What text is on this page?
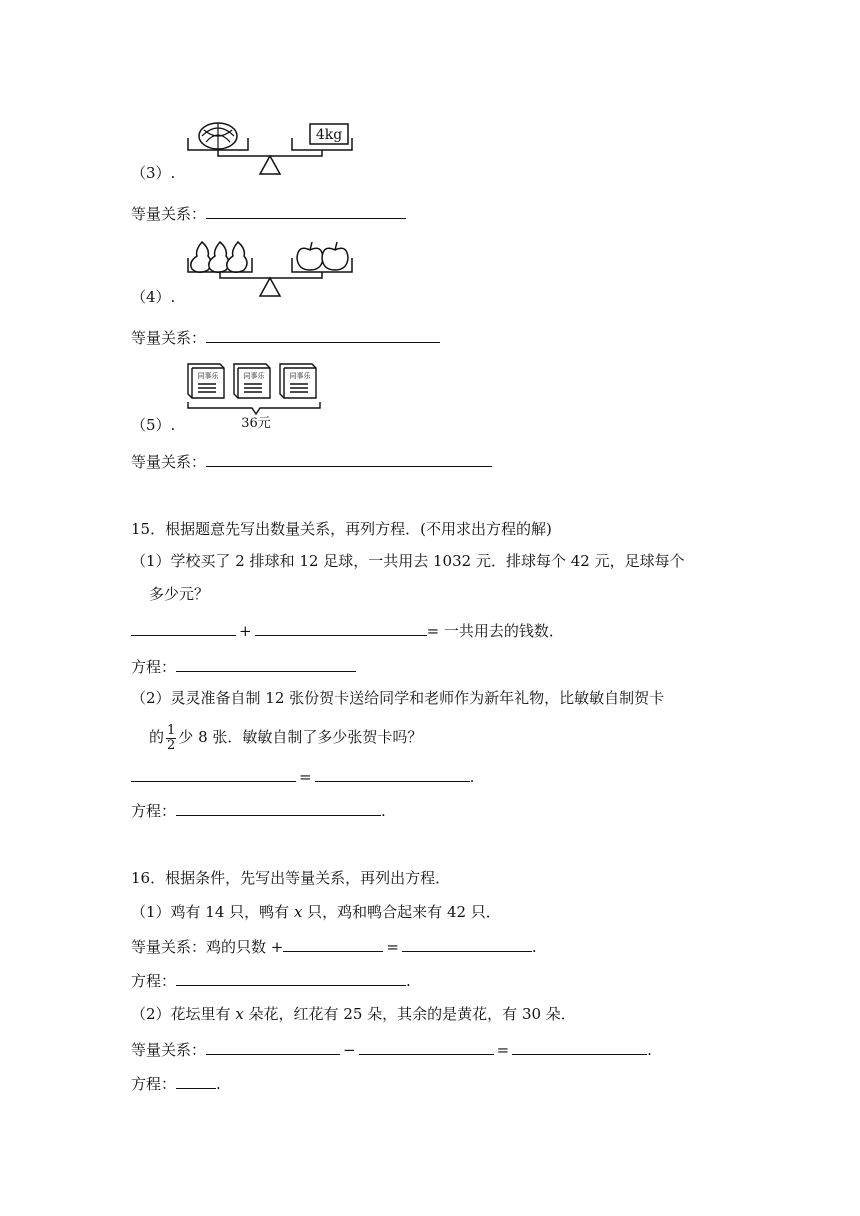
4kg
（3）.
等量关系：
（4）.
等量关系：
同事乐	同事乐	同事乐
36元
（5）.
等量关系：
15．根据题意先写出数量关系，再列方程．(不用求出方程的解)
（1）学校买了 2 排球和 12 足球，一共用去 1032 元．排球每个 42 元，足球每个
多少元？
+	= 一共用去的钱数．
方程：
（2）灵灵准备自制 12 张份贺卡送给同学和老师作为新年礼物，比敏敏自制贺卡
的 $\frac{1}{2}$ 少 8 张．敏敏自制了多少张贺卡吗？
=	.
方程：	.
16．根据条件，先写出等量关系，再列出方程．
（1）鸡有 14 只，鸭有 x 只，鸡和鸭合起来有 42 只．
等量关系：鸡的只数 +	=	.
方程：	.
（2）花坛里有 x 朵花，红花有 25 朵，其余的是黄花，有 30 朵．
等量关系：	−	=	.
方程：	.
